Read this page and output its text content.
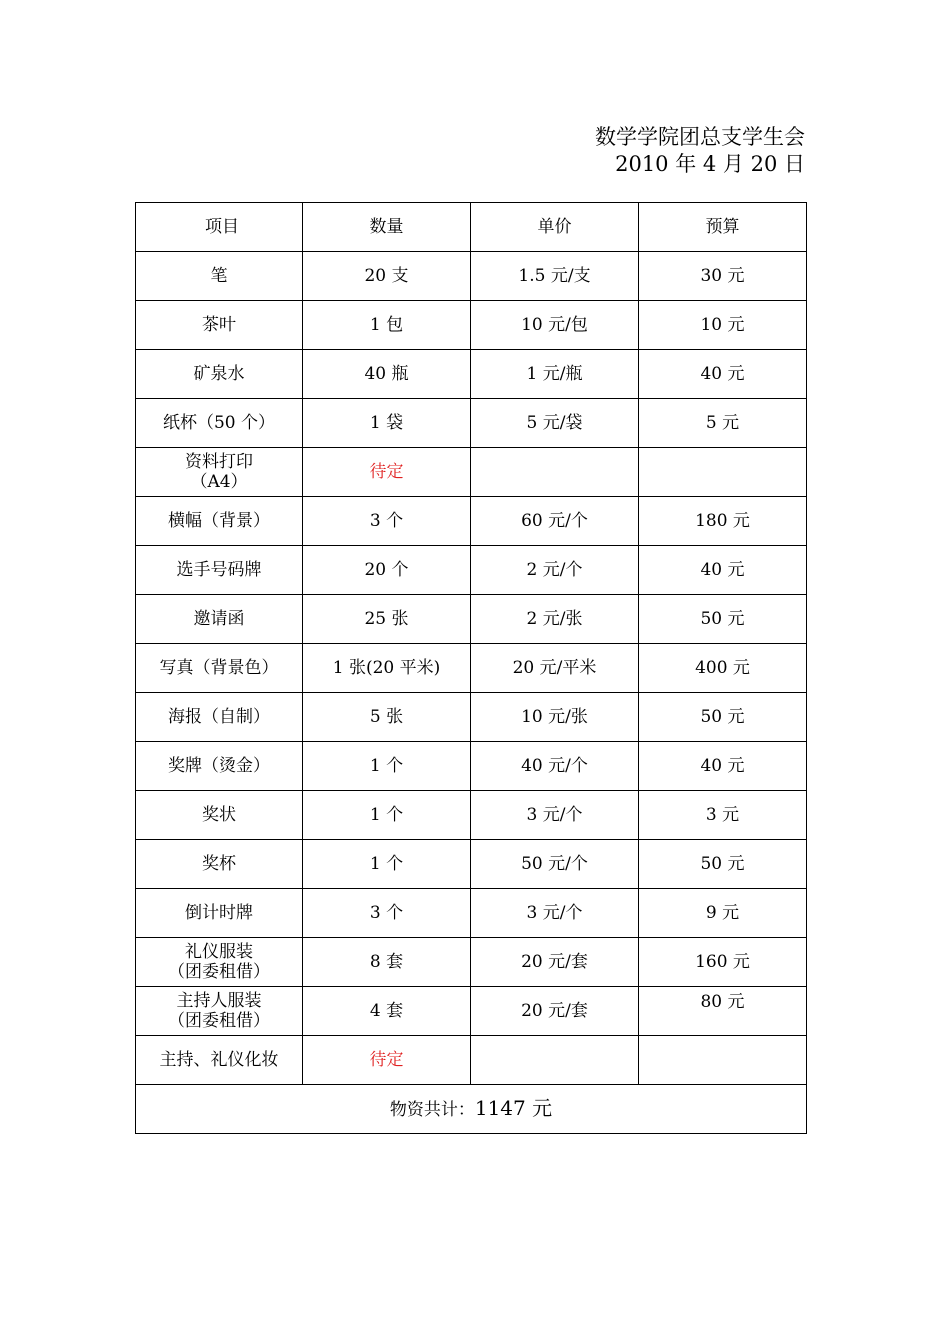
数学学院团总支学生会
2010 年 4 月 20 日
项目	数量	单价	预算
笔	20 支	1.5 元/支	30 元
茶叶	1 包	10 元/包	10 元
矿泉水	40 瓶	1 元/瓶	40 元
纸杯（50 个）	1 袋	5 元/袋	5 元
资料打印
（A4）	待定		
横幅（背景）	3 个	60 元/个	180 元
选手号码牌	20 个	2 元/个	40 元
邀请函	25 张	2 元/张	50 元
写真（背景色）	1 张(20 平米)	20 元/平米	400 元
海报（自制）	5 张	10 元/张	50 元
奖牌（烫金）	1 个	40 元/个	40 元
奖状	1 个	3 元/个	3 元
奖杯	1 个	50 元/个	50 元
倒计时牌	3 个	3 元/个	9 元
礼仪服装
（团委租借）	8 套	20 元/套	160 元
主持人服装
（团委租借）	4 套	20 元/套	80 元
主持、礼仪化妆	待定		
物资共计：1147 元			
